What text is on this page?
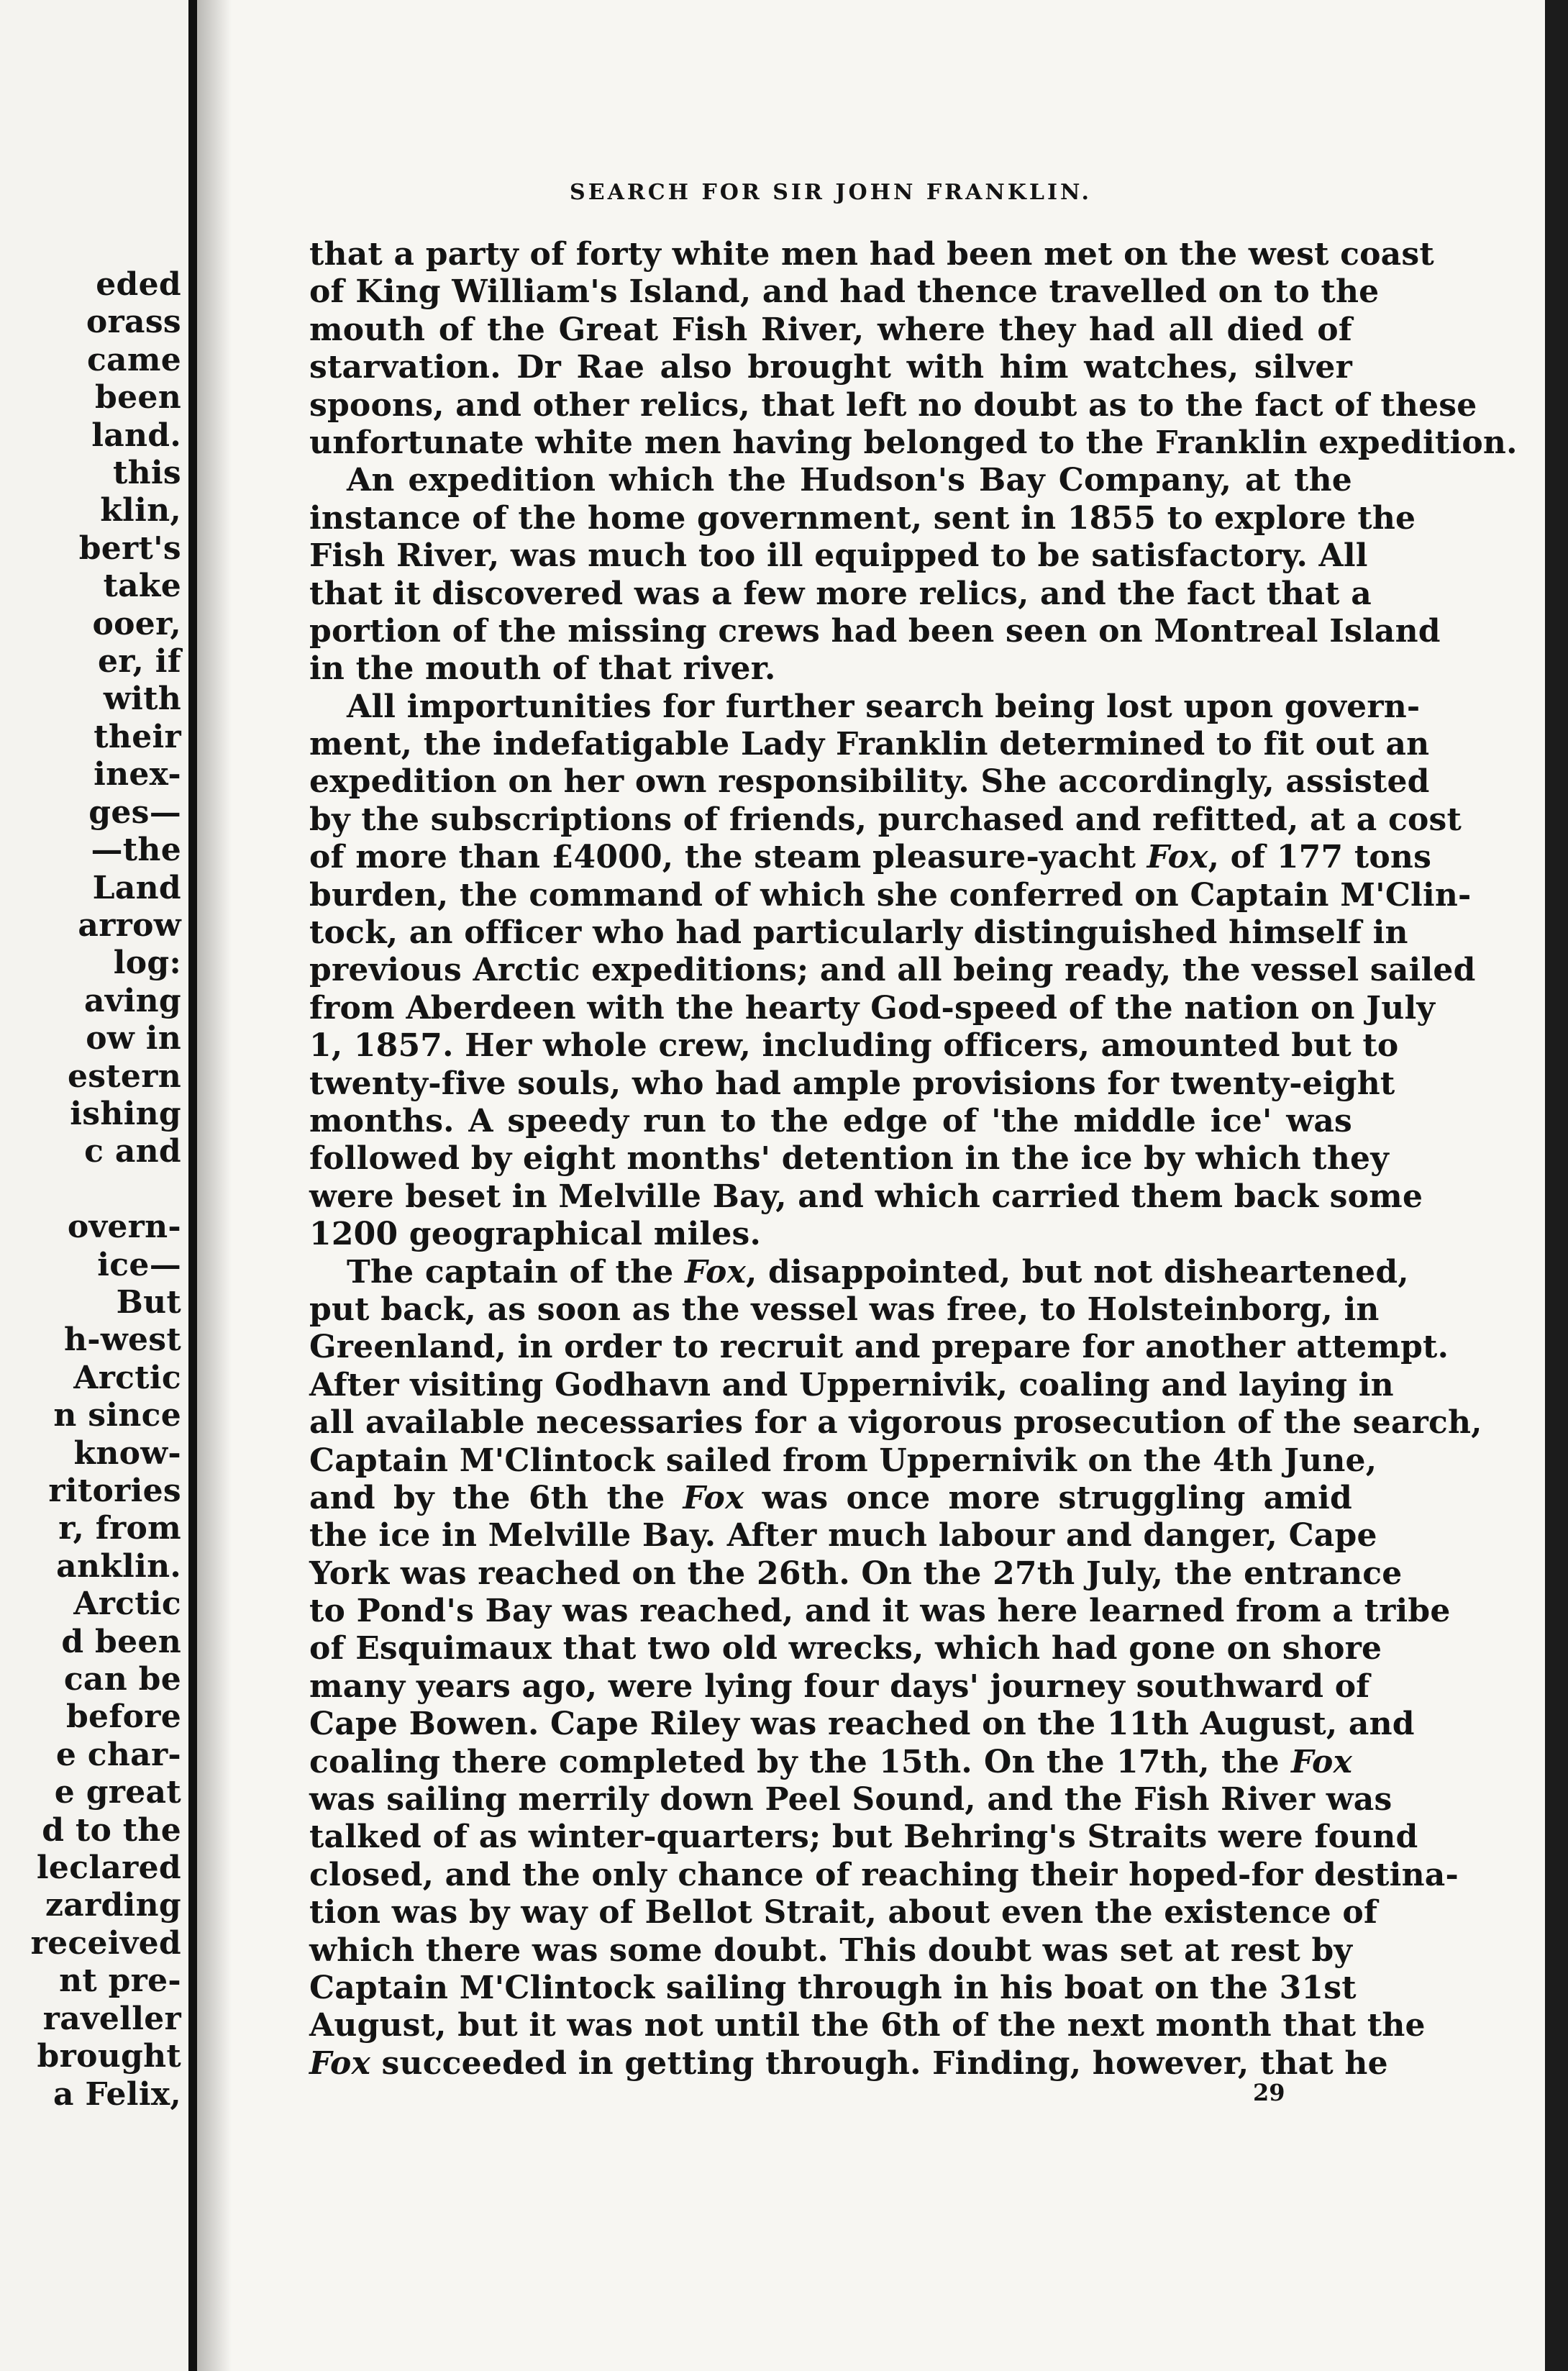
eded
orass
came
been
land.
this
klin,
bert's
take
ooer,
er, if
with
their
inex-
ges—
—the
Land
arrow
log:
aving
ow in
estern
ishing
c and

overn-
ice—
But
h-west
Arctic
n since
know-
ritories
r, from
anklin.
Arctic
d been
can be
before
e char-
e great
d to the
leclared
zarding
received
nt pre-
raveller
brought
a Felix,
SEARCH FOR SIR JOHN FRANKLIN.
that a party of forty white men had been met on the west coast
of King William's Island, and had thence travelled on to the
mouth of the Great Fish River, where they had all died of
starvation. Dr Rae also brought with him watches, silver
spoons, and other relics, that left no doubt as to the fact of these
unfortunate white men having belonged to the Franklin expedition.
An expedition which the Hudson's Bay Company, at the
instance of the home government, sent in 1855 to explore the
Fish River, was much too ill equipped to be satisfactory. All
that it discovered was a few more relics, and the fact that a
portion of the missing crews had been seen on Montreal Island
in the mouth of that river.
All importunities for further search being lost upon govern-
ment, the indefatigable Lady Franklin determined to fit out an
expedition on her own responsibility. She accordingly, assisted
by the subscriptions of friends, purchased and refitted, at a cost
of more than £4000, the steam pleasure-yacht Fox, of 177 tons
burden, the command of which she conferred on Captain M'Clin-
tock, an officer who had particularly distinguished himself in
previous Arctic expeditions; and all being ready, the vessel sailed
from Aberdeen with the hearty God-speed of the nation on July
1, 1857. Her whole crew, including officers, amounted but to
twenty-five souls, who had ample provisions for twenty-eight
months. A speedy run to the edge of 'the middle ice' was
followed by eight months' detention in the ice by which they
were beset in Melville Bay, and which carried them back some
1200 geographical miles.
The captain of the Fox, disappointed, but not disheartened,
put back, as soon as the vessel was free, to Holsteinborg, in
Greenland, in order to recruit and prepare for another attempt.
After visiting Godhavn and Uppernivik, coaling and laying in
all available necessaries for a vigorous prosecution of the search,
Captain M'Clintock sailed from Uppernivik on the 4th June,
and by the 6th the Fox was once more struggling amid
the ice in Melville Bay. After much labour and danger, Cape
York was reached on the 26th. On the 27th July, the entrance
to Pond's Bay was reached, and it was here learned from a tribe
of Esquimaux that two old wrecks, which had gone on shore
many years ago, were lying four days' journey southward of
Cape Bowen. Cape Riley was reached on the 11th August, and
coaling there completed by the 15th. On the 17th, the Fox
was sailing merrily down Peel Sound, and the Fish River was
talked of as winter-quarters; but Behring's Straits were found
closed, and the only chance of reaching their hoped-for destina-
tion was by way of Bellot Strait, about even the existence of
which there was some doubt. This doubt was set at rest by
Captain M'Clintock sailing through in his boat on the 31st
August, but it was not until the 6th of the next month that the
Fox succeeded in getting through. Finding, however, that he
29
